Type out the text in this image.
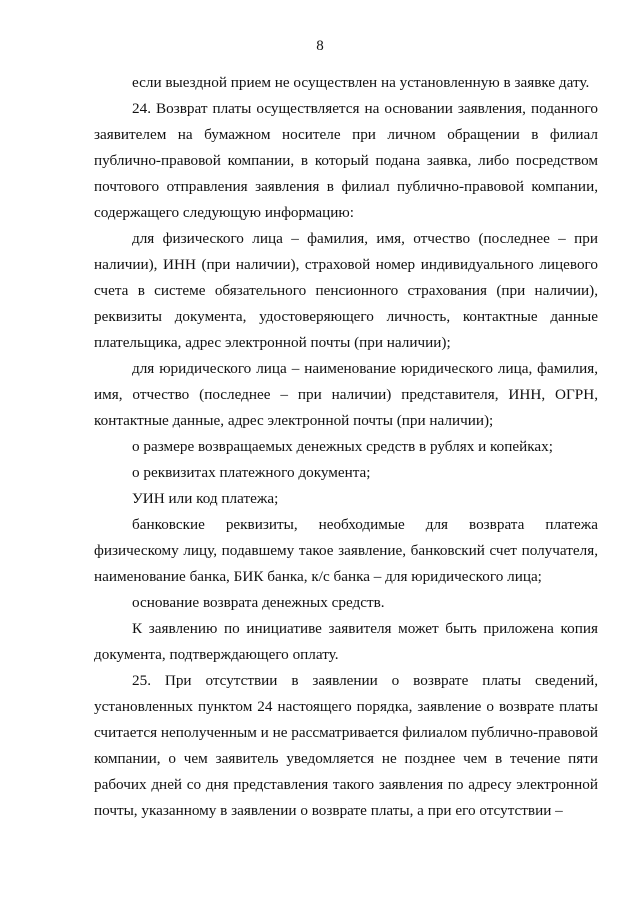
8

если выездной прием не осуществлен на установленную в заявке дату.

24. Возврат платы осуществляется на основании заявления, поданного заявителем на бумажном носителе при личном обращении в филиал публично-правовой компании, в который подана заявка, либо посредством почтового отправления заявления в филиал публично-правовой компании, содержащего следующую информацию:

для физического лица – фамилия, имя, отчество (последнее – при наличии), ИНН (при наличии), страховой номер индивидуального лицевого счета в системе обязательного пенсионного страхования (при наличии), реквизиты документа, удостоверяющего личность, контактные данные плательщика, адрес электронной почты (при наличии);

для юридического лица – наименование юридического лица, фамилия, имя, отчество (последнее – при наличии) представителя, ИНН, ОГРН, контактные данные, адрес электронной почты (при наличии);

о размере возвращаемых денежных средств в рублях и копейках;

о реквизитах платежного документа;

УИН или код платежа;

банковские реквизиты, необходимые для возврата платежа физическому лицу, подавшему такое заявление, банковский счет получателя, наименование банка, БИК банка, к/с банка – для юридического лица;

основание возврата денежных средств.

К заявлению по инициативе заявителя может быть приложена копия документа, подтверждающего оплату.

25. При отсутствии в заявлении о возврате платы сведений, установленных пунктом 24 настоящего порядка, заявление о возврате платы считается неполученным и не рассматривается филиалом публично-правовой компании, о чем заявитель уведомляется не позднее чем в течение пяти рабочих дней со дня представления такого заявления по адресу электронной почты, указанному в заявлении о возврате платы, а при его отсутствии –
